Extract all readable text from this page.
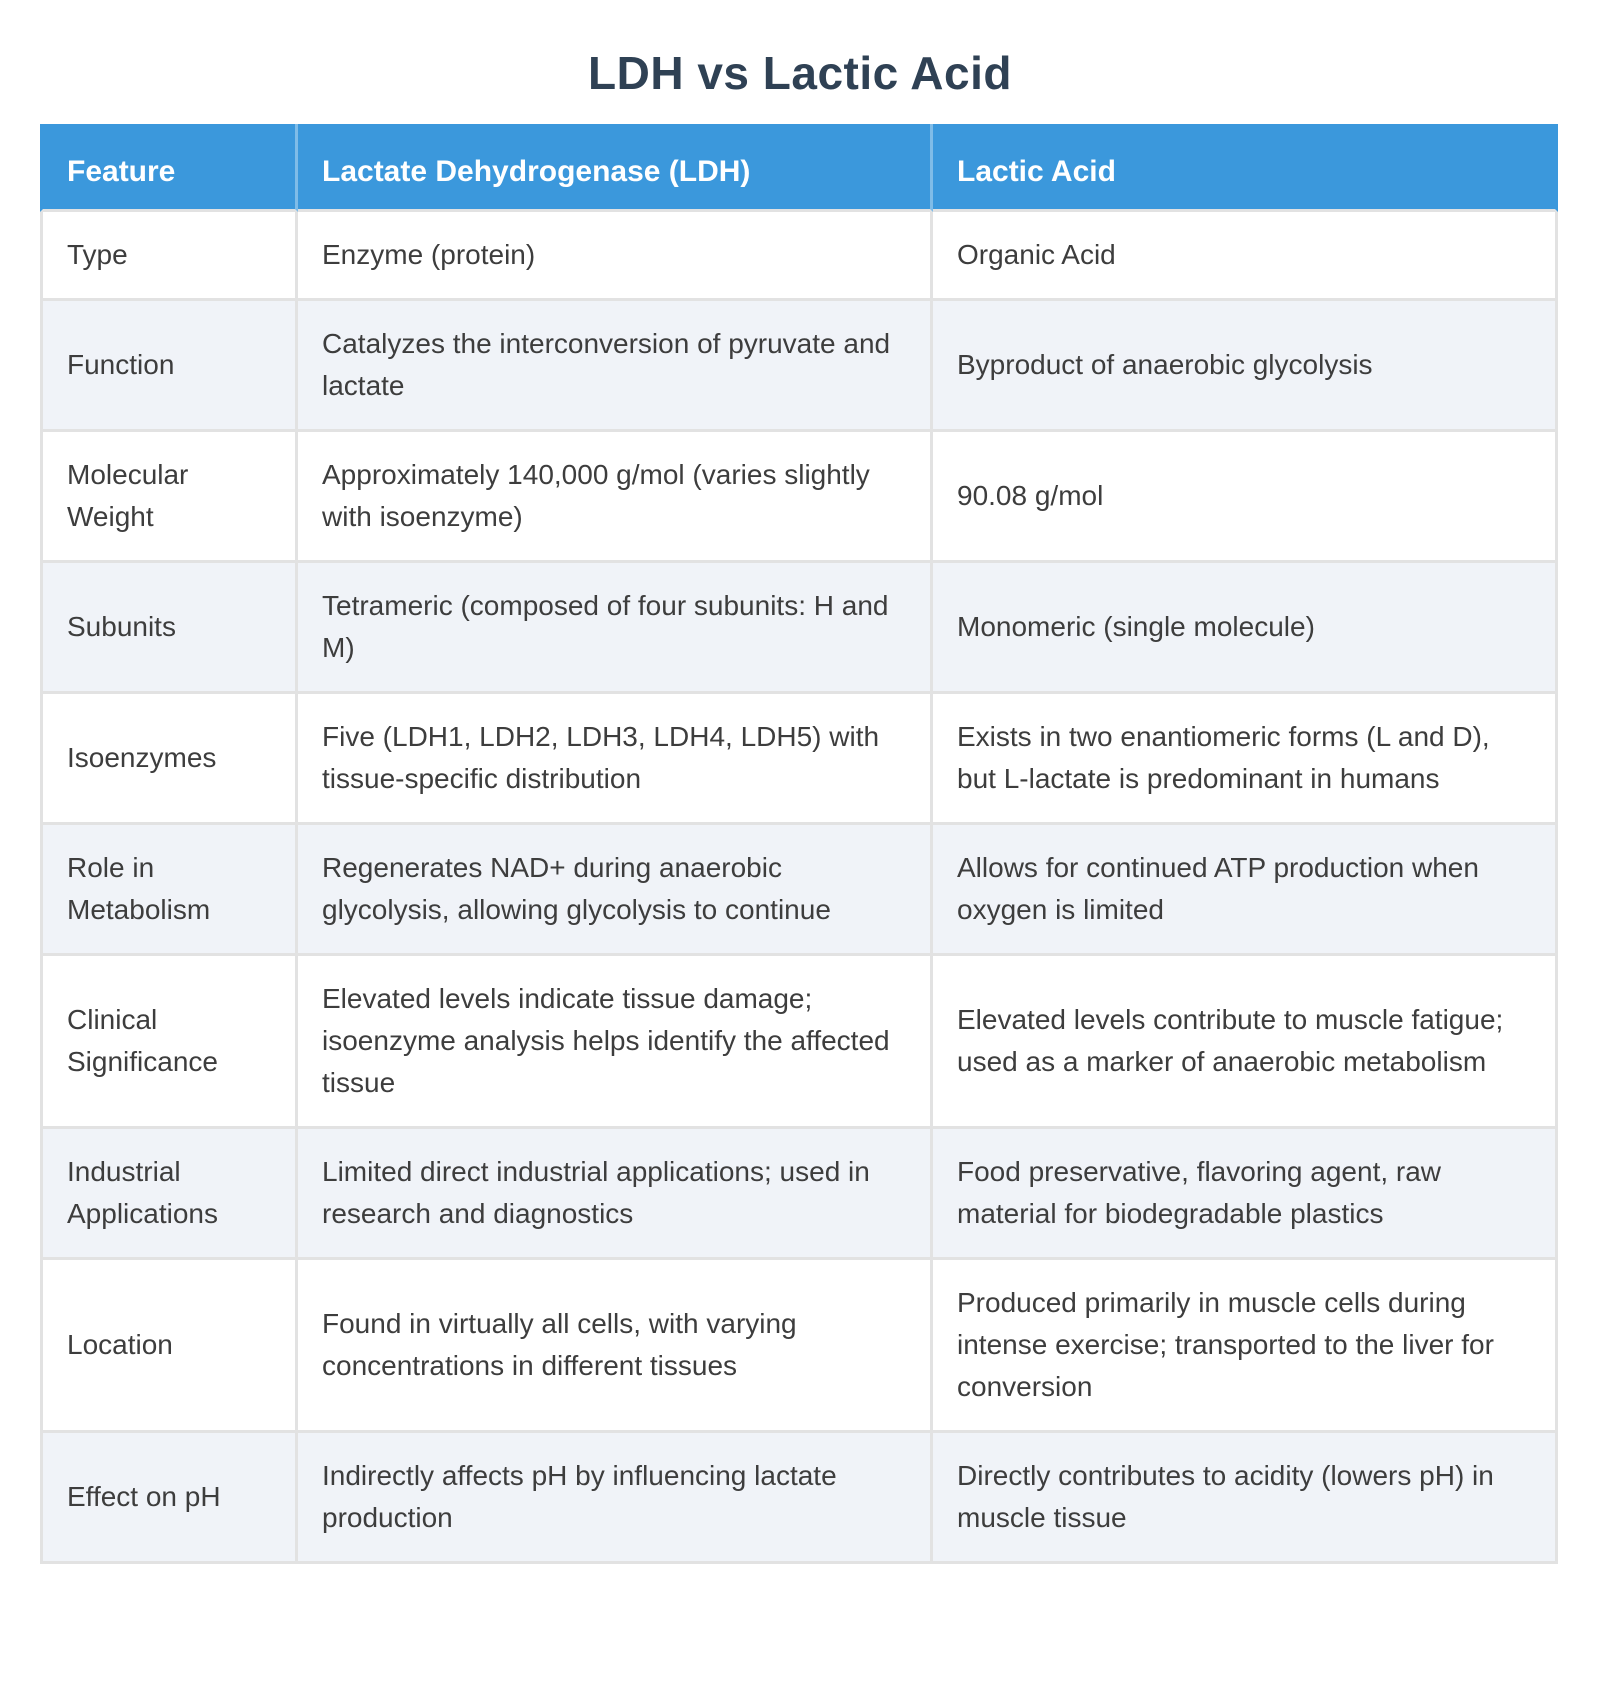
LDH vs Lactic Acid
Feature	Lactate Dehydrogenase (LDH)	Lactic Acid
Type	Enzyme (protein)	Organic Acid
Function	Catalyzes the interconversion of pyruvate and lactate	Byproduct of anaerobic glycolysis
Molecular Weight	Approximately 140,000 g/mol (varies slightly with isoenzyme)	90.08 g/mol
Subunits	Tetrameric (composed of four subunits: H and M)	Monomeric (single molecule)
Isoenzymes	Five (LDH1, LDH2, LDH3, LDH4, LDH5) with tissue-specific distribution	Exists in two enantiomeric forms (L and D), but L-lactate is predominant in humans
Role in Metabolism	Regenerates NAD+ during anaerobic glycolysis, allowing glycolysis to continue	Allows for continued ATP production when oxygen is limited
Clinical Significance	Elevated levels indicate tissue damage; isoenzyme analysis helps identify the affected tissue	Elevated levels contribute to muscle fatigue; used as a marker of anaerobic metabolism
Industrial Applications	Limited direct industrial applications; used in research and diagnostics	Food preservative, flavoring agent, raw material for biodegradable plastics
Location	Found in virtually all cells, with varying concentrations in different tissues	Produced primarily in muscle cells during intense exercise; transported to the liver for conversion
Effect on pH	Indirectly affects pH by influencing lactate production	Directly contributes to acidity (lowers pH) in muscle tissue
